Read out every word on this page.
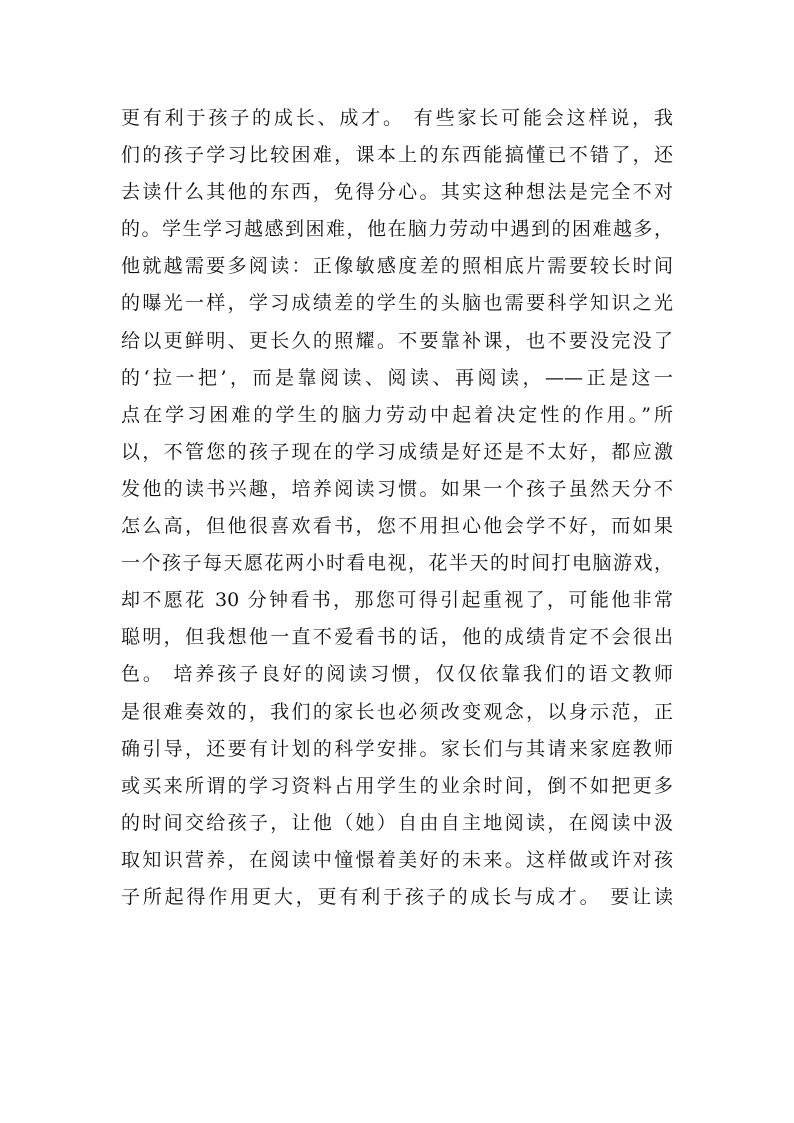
更有利于孩子的成长、成才。 有些家长可能会这样说，我
们的孩子学习比较困难，课本上的东西能搞懂已不错了，还
去读什么其他的东西，免得分心。其实这种想法是完全不对
的。学生学习越感到困难，他在脑力劳动中遇到的困难越多，
他就越需要多阅读：正像敏感度差的照相底片需要较长时间
的曝光一样，学习成绩差的学生的头脑也需要科学知识之光
给以更鲜明、更长久的照耀。不要靠补课，也不要没完没了
的‘拉一把’，而是靠阅读、阅读、再阅读，——正是这一
点在学习困难的学生的脑力劳动中起着决定性的作用。”所
以，不管您的孩子现在的学习成绩是好还是不太好，都应激
发他的读书兴趣，培养阅读习惯。如果一个孩子虽然天分不
怎么高，但他很喜欢看书，您不用担心他会学不好，而如果
一个孩子每天愿花两小时看电视，花半天的时间打电脑游戏，
却不愿花 30 分钟看书，那您可得引起重视了，可能他非常
聪明，但我想他一直不爱看书的话，他的成绩肯定不会很出
色。 培养孩子良好的阅读习惯，仅仅依靠我们的语文教师
是很难奏效的，我们的家长也必须改变观念，以身示范，正
确引导，还要有计划的科学安排。家长们与其请来家庭教师
或买来所谓的学习资料占用学生的业余时间，倒不如把更多
的时间交给孩子，让他（她）自由自主地阅读，在阅读中汲
取知识营养，在阅读中憧憬着美好的未来。这样做或许对孩
子所起得作用更大，更有利于孩子的成长与成才。 要让读
